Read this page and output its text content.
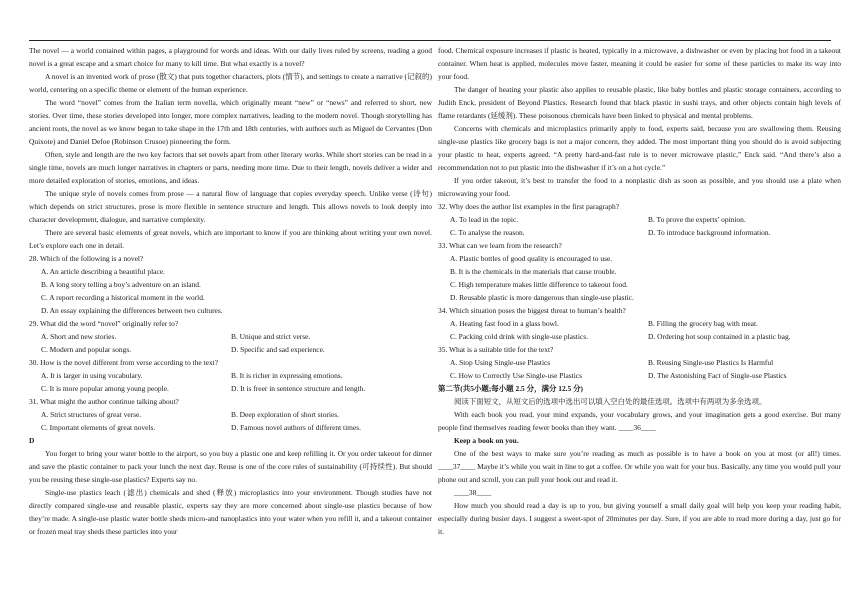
The novel — a world contained within pages, a playground for words and ideas. With our daily lives ruled by screens, reading a good novel is a great escape and a smart choice for many to kill time. But what exactly is a novel?

A novel is an invented work of prose (散文) that puts together characters, plots (情节), and settings to create a narrative (记叙的) world, centering on a specific theme or element of the human experience.

The word “novel” comes from the Italian term novella, which originally meant “new” or “news” and referred to short, new stories. Over time, these stories developed into longer, more complex narratives, leading to the modern novel. Though storytelling has ancient roots, the novel as we know began to take shape in the 17th and 18th centuries, with authors such as Miguel de Cervantes (Don Quixote) and Daniel Defoe (Robinson Crusoe) pioneering the form.

Often, style and length are the two key factors that set novels apart from other literary works. While short stories can be read in a single time, novels are much longer narratives in chapters or parts, needing more time. Due to their length, novels deliver a wider and more detailed exploration of stories, emotions, and ideas.

The unique style of novels comes from prose — a natural flow of language that copies everyday speech. Unlike verse (诗句) which depends on strict structures, prose is more flexible in sentence structure and length. This allows novels to look deeply into character development, dialogue, and narrative complexity.

There are several basic elements of great novels, which are important to know if you are thinking about writing your own novel. Let’s explore each one in detail.

28. Which of the following is a novel?

A. An article describing a beautiful place.

B. A long story telling a boy’s adventure on an island.

C. A report recording a historical moment in the world.

D. An essay explaining the differences between two cultures.

29. What did the word “novel” originally refer to?

A. Short and new stories.	B. Unique and strict verse.
C. Modern and popular songs.	D. Specific and sad experience.

30. How is the novel different from verse according to the text?

A. It is larger in using vocabulary.	B. It is richer in expressing emotions.
C. It is more popular among young people.	D. It is freer in sentence structure and length.

31. What might the author continue talking about?

A. Strict structures of great verse.	B. Deep exploration of short stories.
C. Important elements of great novels.	D. Famous novel authors of different times.

D

You forget to bring your water bottle to the airport, so you buy a plastic one and keep refilling it. Or you order takeout for dinner and save the plastic container to pack your lunch the next day. Reuse is one of the core rules of sustainability (可持续性). But should you be reusing these single-use plastics? Experts say no.

Single-use plastics leach (滤出) chemicals and shed (释放) microplastics into your environment. Though studies have not directly compared single-use and reusable plastic, experts say they are more concerned about single-use plastics because of how they’re made. A single-use plastic water bottle sheds micro-and nanoplastics into your water when you refill it, and a takeout container or frozen meal tray sheds these particles into your

food. Chemical exposure increases if plastic is heated, typically in a microwave, a dishwasher or even by placing hot food in a takeout container. When heat is applied, molecules move faster, meaning it could be easier for some of these particles to make its way into your food.

The danger of heating your plastic also applies to reusable plastic, like baby bottles and plastic storage containers, according to Judith Enck, president of Beyond Plastics. Research found that black plastic in sushi trays, and other objects contain high levels of flame retardants (延缓剂). These poisonous chemicals have been linked to physical and mental problems.

Concerns with chemicals and microplastics primarily apply to food, experts said, because you are swallowing them. Reusing single-use plastics like grocery bags is not a major concern, they added. The most important thing you should do is avoid subjecting your plastic to heat, experts agreed. “A pretty hard-and-fast rule is to never microwave plastic,” Enck said. “And there’s also a recommendation not to put plastic into the dishwasher if it’s on a hot cycle.”

If you order takeout, it’s best to transfer the food to a nonplastic dish as soon as possible, and you should use a plate when microwaving your food.

32. Why does the author list examples in the first paragraph?

A. To lead in the topic.	B. To prove the experts’ opinion.
C. To analyse the reason.	D. To introduce background information.

33. What can we learn from the research?

A. Plastic bottles of good quality is encouraged to use.

B. It is the chemicals in the materials that cause trouble.

C. High temperature makes little difference to takeout food.

D. Reusable plastic is more dangerous than single-use plastic.

34. Which situation poses the biggest threat to human’s health?

A. Heating fast food in a glass bowl.	B. Filling the grocery bag with meat.
C. Packing cold drink with single-use plastics.	D. Ordering hot soup contained in a plastic bag.

35. What is a suitable title for the text?

A. Stop Using Single-use Plastics	B. Reusing Single-use Plastics Is Harmful
C. How to Correctly Use Single-use Plastics	D. The Astonishing Fact of Single-use Plastics

第二节(共5小题;每小题 2.5 分，满分 12.5 分)

阅读下面短文，从短文后的选项中选出可以填入空白处的最佳选项。选项中有两项为多余选项。

With each book you read, your mind expands, your vocabulary grows, and your imagination gets a good exercise. But many people find themselves reading fewer books than they want. ____36____

Keep a book on you.

One of the best ways to make sure you’re reading as much as possible is to have a book on you at most (or all!) times. ____37____ Maybe it’s while you wait in line to get a coffee. Or while you wait for your bus. Basically, any time you would pull your phone out and scroll, you can pull your book out and read it.

____38____

How much you should read a day is up to you, but giving yourself a small daily goal will help you keep your reading habit, especially during busier days. I suggest a sweet-spot of 20minutes per day. Sure, if you are able to read more during a day, just go for it.
